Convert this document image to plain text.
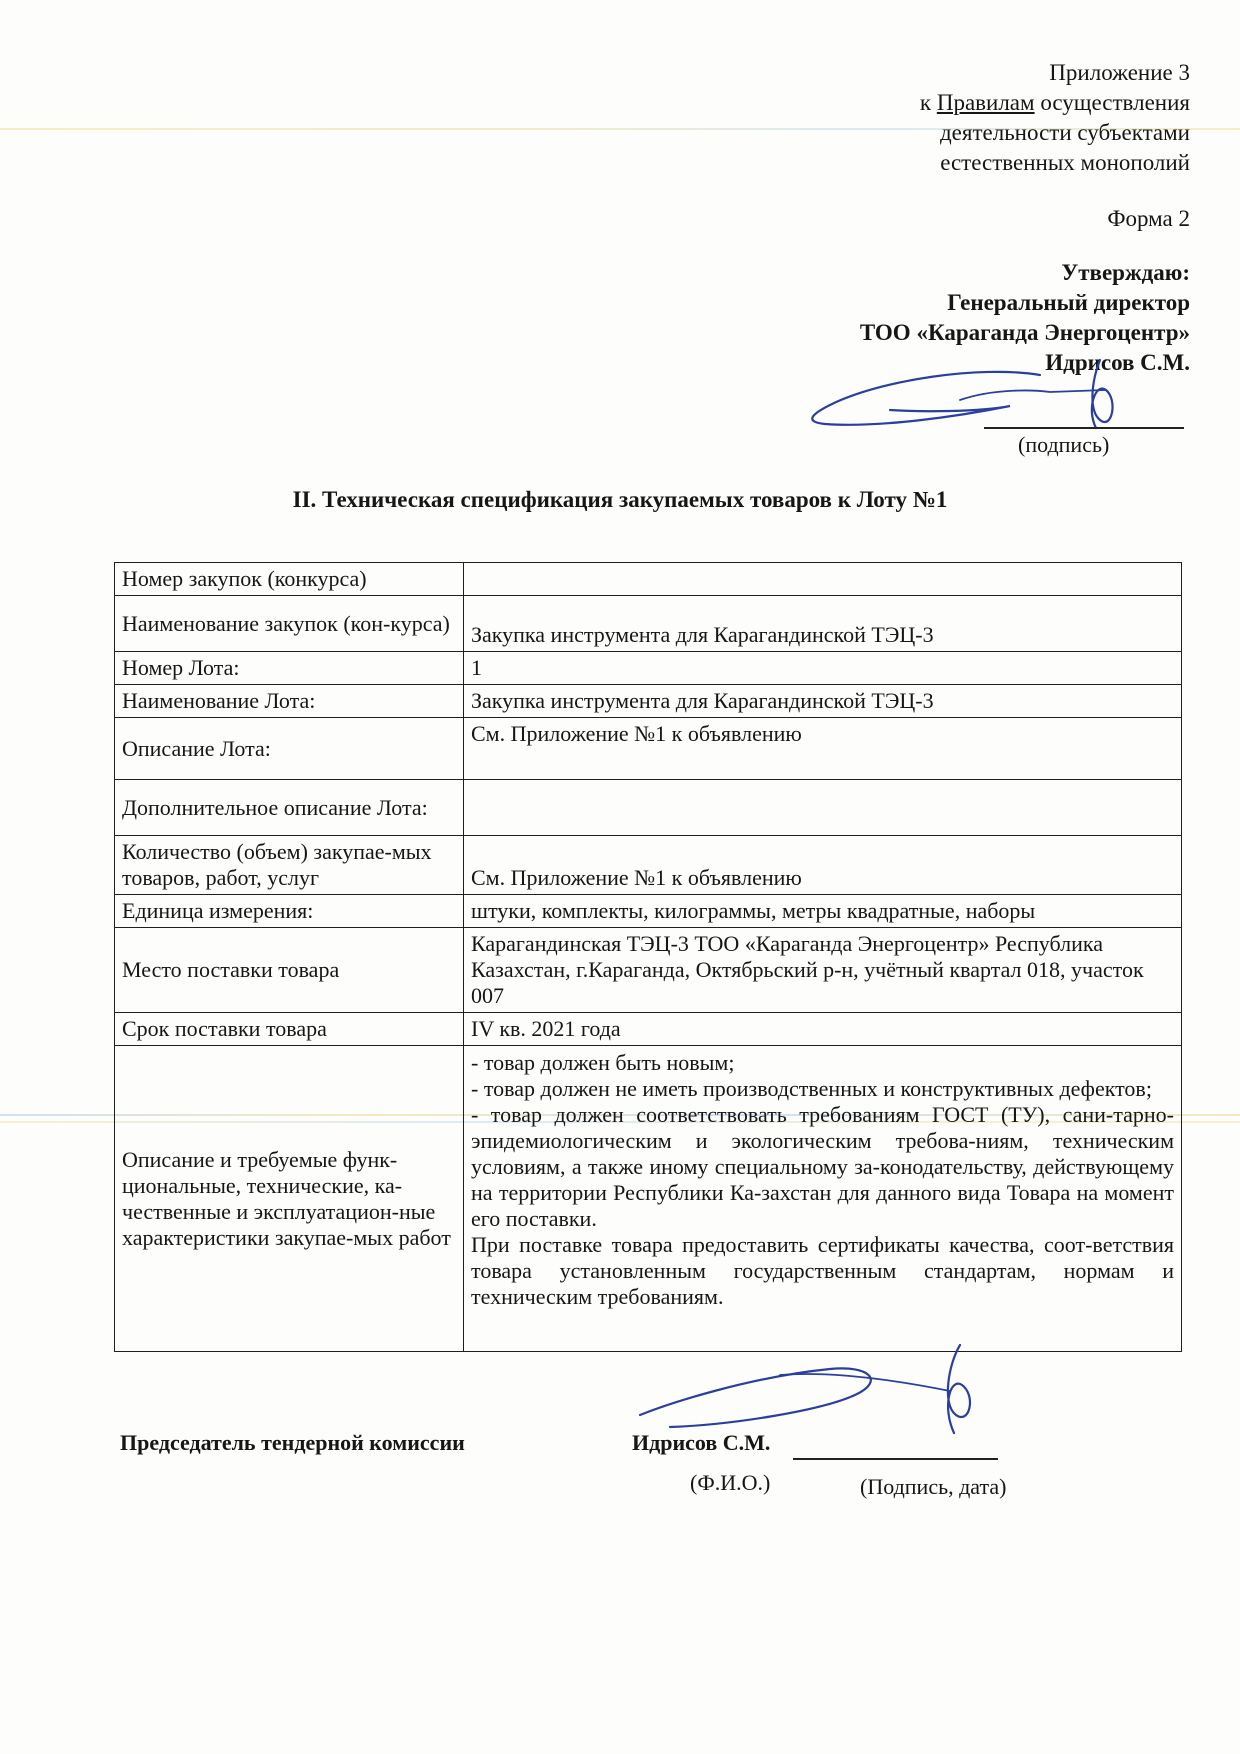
Приложение 3
к Правилам осуществления
деятельности субъектами
естественных монополий
Форма 2
Утверждаю:
Генеральный директор
ТОО «Караганда Энергоцентр»
Идрисов С.М.
(подпись)
II. Техническая спецификация закупаемых товаров к Лоту №1
Номер закупок (конкурса)	
Наименование закупок (кон-курса)	Закупка инструмента для Карагандинской ТЭЦ-3
Номер Лота:	1
Наименование Лота:	Закупка инструмента для Карагандинской ТЭЦ-3
Описание Лота:	См. Приложение №1 к объявлению
Дополнительное описание Лота:	
Количество (объем) закупае-мых товаров, работ, услуг	См. Приложение №1 к объявлению
Единица измерения:	штуки, комплекты, килограммы, метры квадратные, наборы
Место поставки товара	Карагандинская ТЭЦ-3 ТОО «Караганда Энергоцентр» Республика Казахстан, г.Караганда, Октябрьский р-н, учётный квартал 018, участок 007
Срок поставки товара	IV кв. 2021 года
Описание и требуемые функ-циональные, технические, ка-чественные и эксплуатацион-ные характеристики закупае-мых работ	- товар должен быть новым;
- товар должен не иметь производственных и конструктивных дефектов;
- товар должен соответствовать требованиям ГОСТ (ТУ), сани-тарно-эпидемиологическим и экологическим требова-ниям, техническим условиям, а также иному специальному за-конодательству, действующему на территории Республики Ка-захстан для данного вида Товара на момент его поставки.
При поставке товара предоставить сертификаты качества, соот-ветствия товара установленным государственным стандартам, нормам и техническим требованиям.
Председатель тендерной комиссии	Идрисов С.М.
(Ф.И.О.)	(Подпись, дата)
